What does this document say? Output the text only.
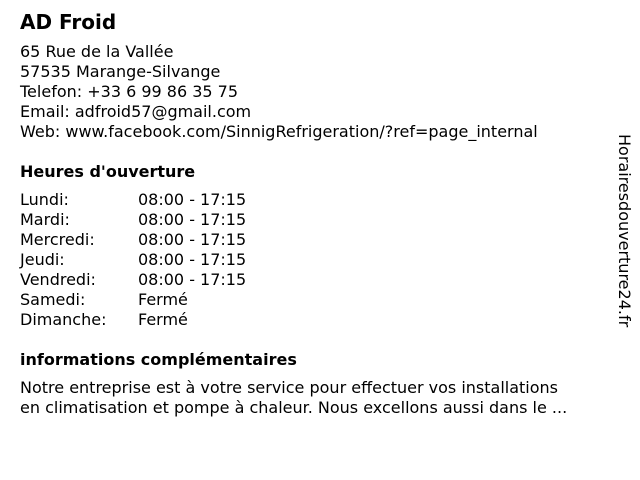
AD Froid
65 Rue de la Vallée
57535 Marange-Silvange
Telefon: +33 6 99 86 35 75
Email: adfroid57@gmail.com
Web: www.facebook.com/SinnigRefrigeration/?ref=page_internal
Heures d'ouverture
Lundi:	08:00 - 17:15
Mardi:	08:00 - 17:15
Mercredi:	08:00 - 17:15
Jeudi:	08:00 - 17:15
Vendredi:	08:00 - 17:15
Samedi:	Fermé
Dimanche:	Fermé
informations complémentaires
Notre entreprise est à votre service pour effectuer vos installations
en climatisation et pompe à chaleur. Nous excellons aussi dans le ...
Horairesdouverture24.fr
